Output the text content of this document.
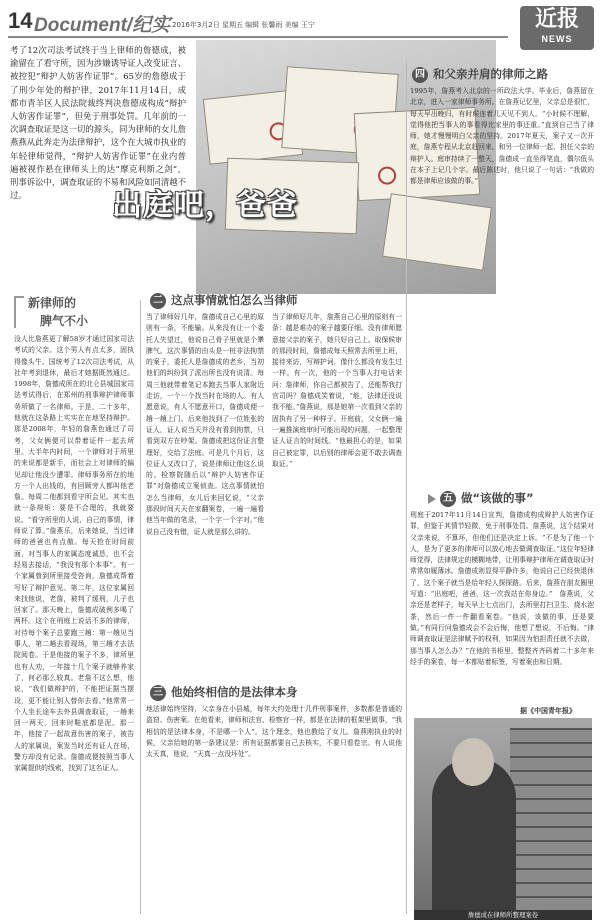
14 Document/纪实 2016年3月2日 星期五 编辑 张馨雨 美编 王宁	近报
NEWS
考了12次司法考试终于当上律师的詹德成，被渝留在了看守所，因为涉嫌诱导证人改变证言、被控犯“辩护人妨害作证罪”。65岁的詹德成于了刑少年处的辩护律，2017年11月14日，成都市青羊区人民法院裁终判决詹德成构成“辩护人妨害作证罪”，但免于刑事处罚。几年前的一次调查取证是这一切的源头，同为律师的女儿詹燕燕从此奔走为法律辩护，这个在大城市执业的年轻律师觉得，“辩护人妨害作证罪”在业内普遍被视作悬在律师头上的达“摩克利斯之剑”，刑事诉讼中，调查取证的不易和风险如同清越不过。	出庭吧，爸爸
新律师的
脾气不小
没人比詹燕更了解58岁才通过国家司法考试的父亲。这个男人有点太多，固执得像头牛。国统考了12次司法考试，从社年考到退休，最后才她据既然通过。1998年，詹德成所在的北仑县城国家司法考试得后，在郑州的刑事辩护律师事务所做了一名律师。于是，二十多年，他就在这条路上实实在在地坚持辩护。那是2008年，年轻的詹燕色通过了司考，父女俩便可以带着证件一起去所里。大半年内时间，一个律师对于所里的来说都是新手，而社会上对律师的偏见却让他没少遭罪。律师事务所在的地方一个人出钱的，有回顾旁人都叫他老詹。每周二他都到看守所会见。其实也就一条规矩：要是不合理的，我就要说。“看守所里的人说，自己的事情，律师说了算。”詹燕乐，后来她说，当过律师的爸爸也有点傲。每天抢在时间前面，对当事人的家属态度诚恳，也不会轻易去接话，“我没有那个本事”。有一个家属曾到所里接受咨询，詹德成帮着写好了辩护意见。第二年，这位家属回来找他说，老詹，被判了缓刑，儿子也回家了。那天晚上，詹德成破例多喝了两杯。这个在刑庭上说话不多的律师，对待每个案子总要跑三趟：第一趟见当事人，第二趟去看现场，第三趟才去法院阅卷。于是他接的案子不多，律所里也有人劝，一年接十几个案子就够养家了，何必那么较真。老詹不这么想，他说，“我们做辩护的，不能把证据当摆设，更不能让别人替你去看。”他常常一个人坐长途车去外县调查取证，一趟来回一两天，回来时鞋底都是泥。那一年，他接了一起故意伤害的案子，被告人的家属说，案发当时还有证人在场，警方却没有记录。詹德成便按照当事人家属提供的线索，找到了这名证人。
二 这点事情就怕怎么当律师
当了律师好几年，詹德成自己心里的原则有一条，不能输。从来没有让一个委托人失望过，他说自己骨子里就是个犟脾气。这次事情的由头是一桩非法拘禁的案子，委托人是詹德成的老乡，当初他们的纠纷到了派出所也没有说清。每周三他就带着笔记本跑去当事人家附近走访，一个一个找当时在场的人。有人愿意说，有人不愿意开口，詹德成便一趟一趟上门。后来他找到了一位姓张的证人，证人说当天并没有看到拘禁，只看到双方在吵架。詹德成把这份证言整理好，交给了法庭。可是几个月后，这位证人又改口了，说是律师让他这么说的。检察院随后以“辩护人妨害作证罪”对詹德成立案侦查。这点事情就怕怎么当律师，女儿后来回忆说，“父亲那段时间天天在家翻案卷，一遍一遍看他当年做的笔录，一个字一个字对。”他说自己没有错，证人就是那么讲的。
当了律师好几年，詹燕自己心里的原则有一条：越是难办的案子越要仔细。没有律师愿意接父亲的案子，她只好自己上。取保候审的那段时间，詹德成每天照常去所里上班，接待来访，写辩护词，像什么都没有发生过一样。有一次，他的一个当事人打电话来问：詹律师，你自己都被告了，还能帮我打官司吗？詹德成笑着说，“能，法律还没说我不能。”詹燕说，那是她第一次看到父亲的固执有了另一种样子。开庭前，父女俩一遍一遍推演庭审时可能出现的问题，一起整理证人证言的时间线。“他最担心的是，如果自己被定罪，以后别的律师会更不敢去调查取证。”
三 他始终相信的是法律本身
地法律始终坚持，父亲身在小县城，每年大约处理十几件刑事案件，多数都是普通的盗窃、伤害案。在他看来，律师和法官、检察官一样，都是在法律的框架里做事，“我相信的是法律本身，不是哪一个人”。这个理念，他也教给了女儿。詹燕刚执业的时候，父亲给她的第一条建议是：所有证据都要自己去核实，不要只看卷宗。有人说他太天真，他说，“天真一点没坏处”。
四 和父亲并肩的律师之路
1995年，詹燕考入北京的一所政法大学。毕业后，詹燕留在北京，进入一家律师事务所。在詹燕记忆里，父亲总是很忙，每天早出晚归，有时候连着几天见不到人。“小时候不理解，觉得他把当事人的事看得比家里的事还重。”直到自己当了律师，她才慢慢明白父亲的坚持。2017年夏天，案子又一次开庭，詹燕专程从北京赶回来，和另一位律师一起，担任父亲的辩护人。庭审持续了一整天，詹德成一直坐得笔直，偶尔低头在本子上记几个字。最后陈述时，他只说了一句话：“我做的都是律师应该做的事。”
五 做“该做的事”
刑庭于2017年11月14日宣判，詹德成构成辩护人妨害作证罪，但鉴于其情节轻微，免于刑事处罚。詹燕说，这个结果对父亲来说，不算坏，但他们还是决定上诉。“不是为了他一个人，是为了更多的律师可以放心地去做调查取证。”这位年轻律师觉得，法律规定的模糊地带，让刑事辩护律师在调查取证时常常如履薄冰。詹德成则显得平静许多，他说自己已经快退休了，这个案子就当是给年轻人探探路。后来，詹燕在朋友圈里写道：“出庭吧，爸爸，这一次我站在你身边。”　詹燕说，父亲还是老样子，每天早上七点出门，去所里打扫卫生、烧水泡茶，然后一件一件翻看案卷。“他说，该做的事，还是要做。”有同行问詹德成会不会后悔，他想了想说，不后悔。“律师调查取证是法律赋予的权利，如果因为怕担责任就不去做，那当事人怎么办？”在他的书柜里，整整齐齐码着二十多年来经手的案卷，每一本都贴着标签，写着案由和日期。
詹德成在律师所整理案卷
据《中国青年报》
